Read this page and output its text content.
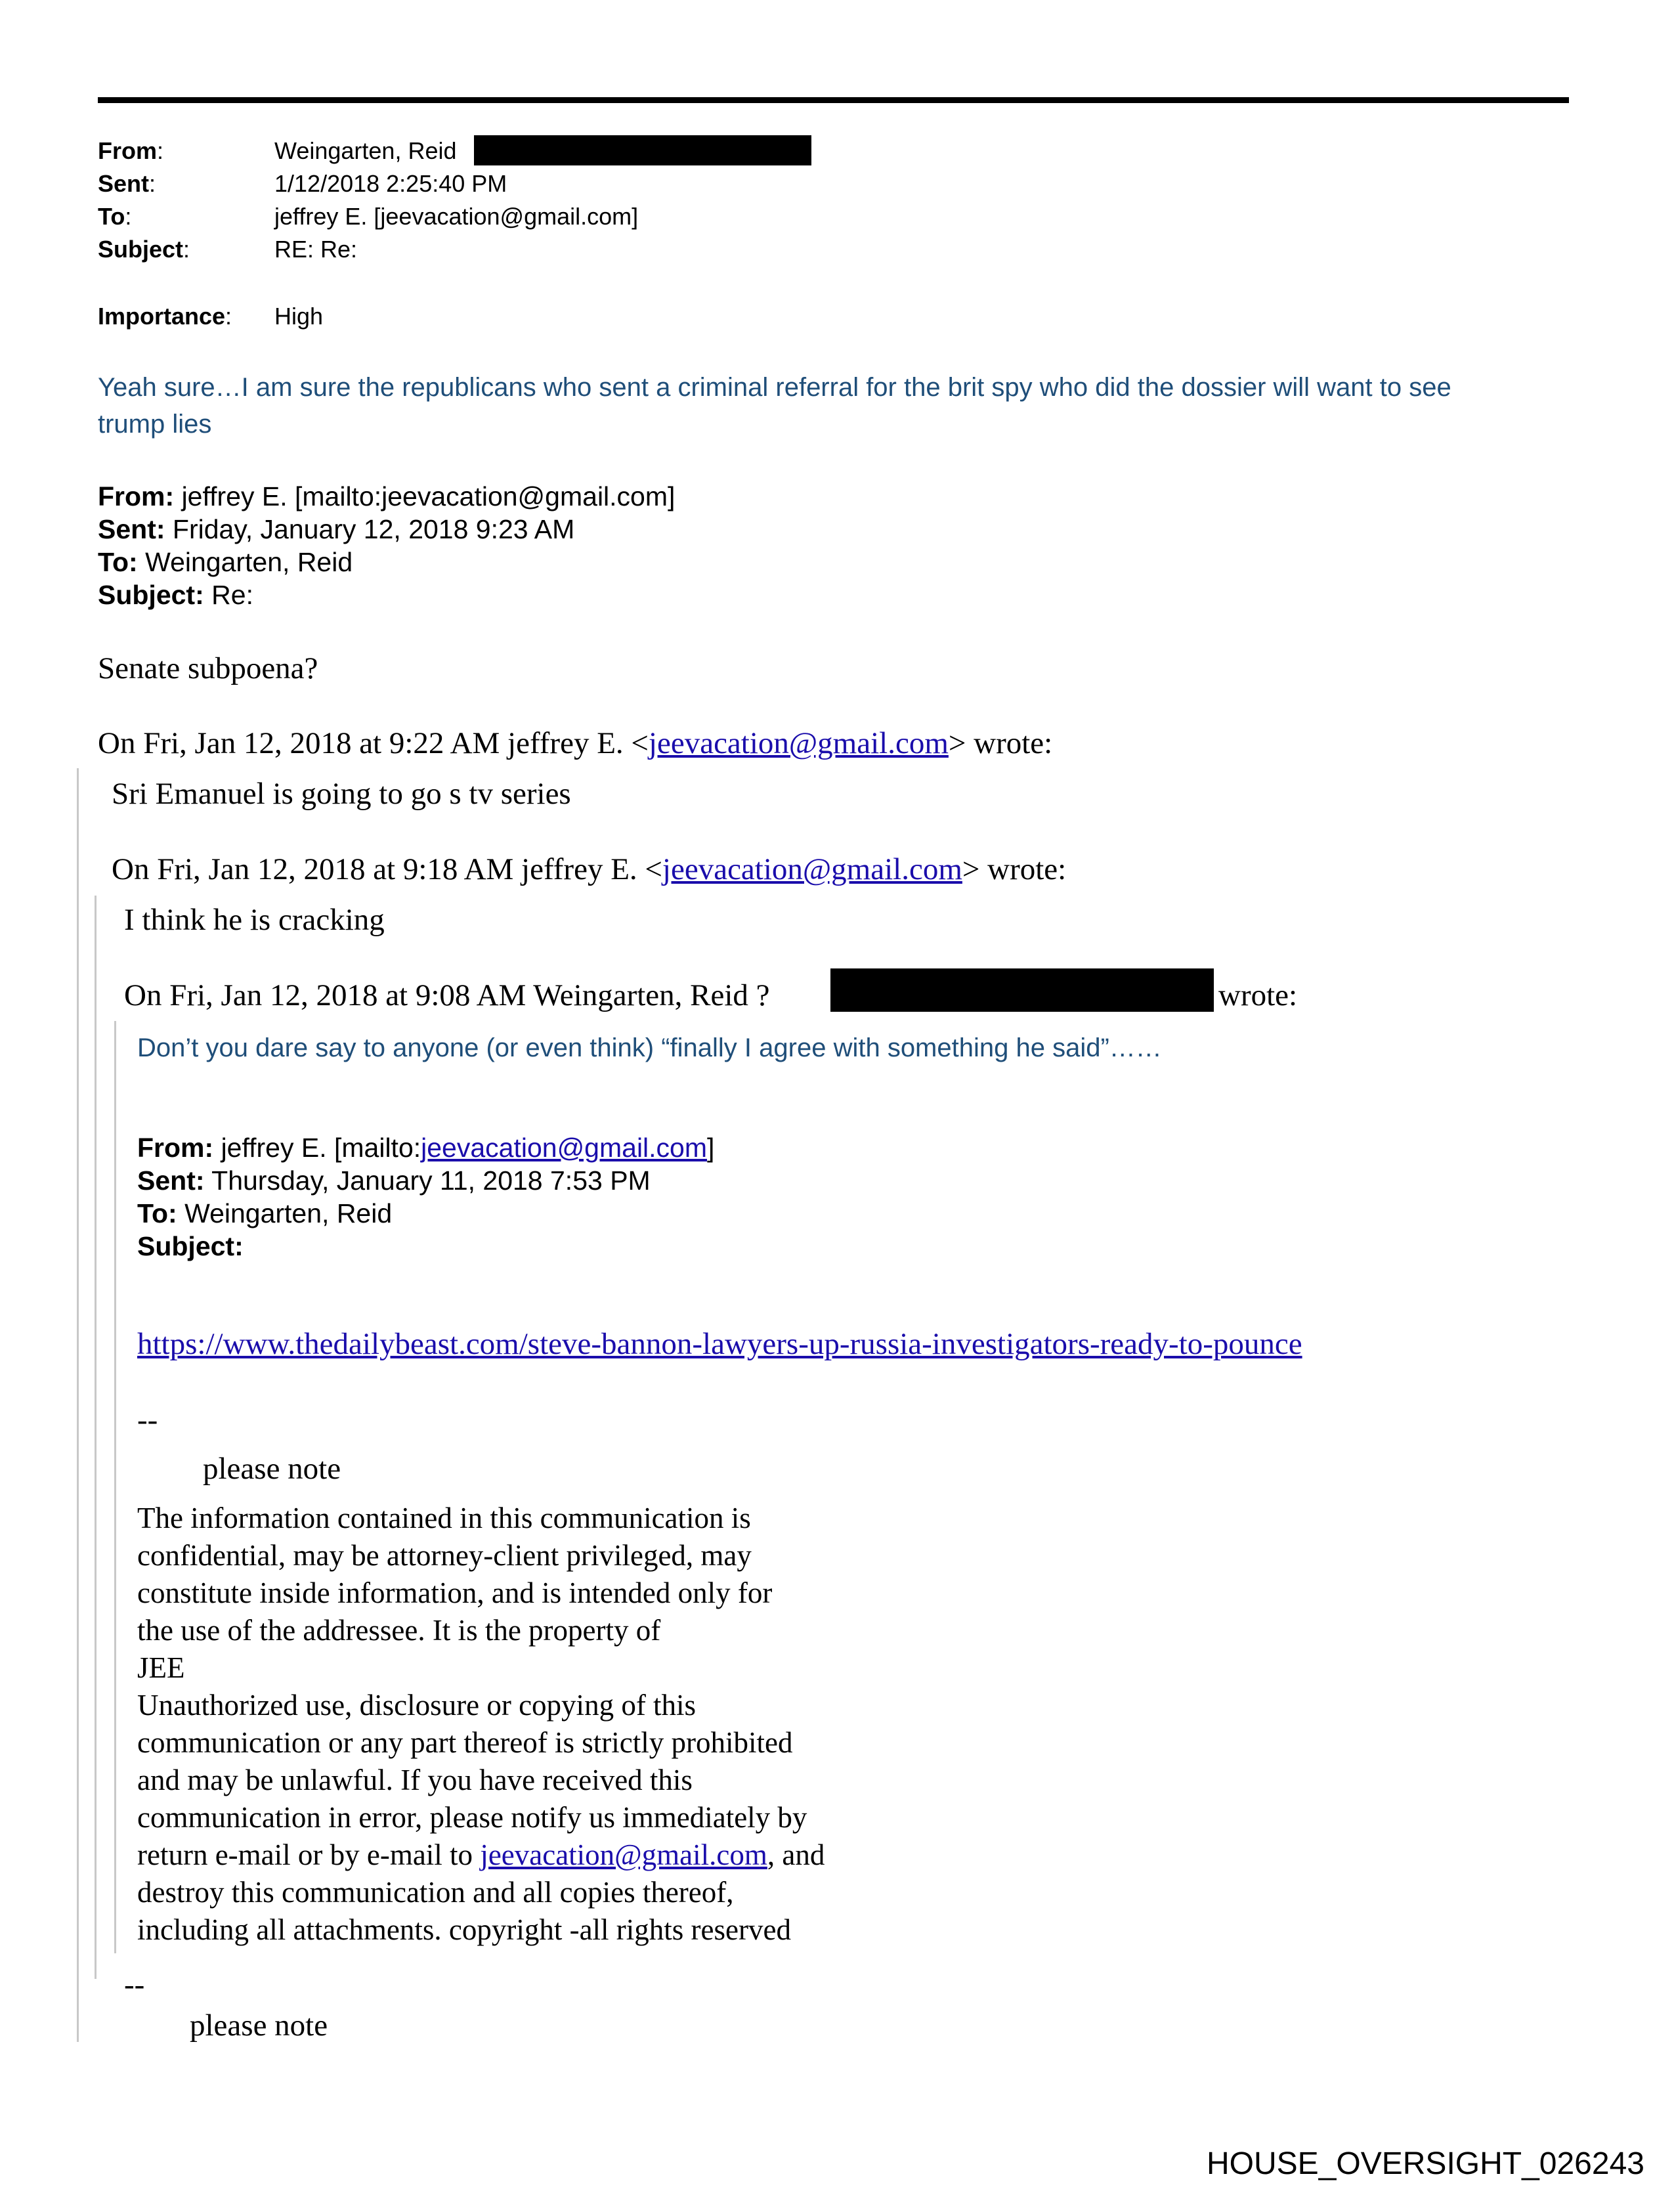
From:	Weingarten, Reid
Sent:	1/12/2018 2:25:40 PM
To:	jeffrey E. [jeevacation@gmail.com]
Subject:	RE: Re:
Importance: High
Yeah sure…I am sure the republicans who sent a criminal referral for the brit spy who did the dossier will want to see
trump lies
From: jeffrey E. [mailto:jeevacation@gmail.com]
Sent: Friday, January 12, 2018 9:23 AM
To: Weingarten, Reid
Subject: Re:
Senate subpoena?
On Fri, Jan 12, 2018 at 9:22 AM jeffrey E. <jeevacation@gmail.com> wrote:
Sri Emanuel is going to go s tv series
On Fri, Jan 12, 2018 at 9:18 AM jeffrey E. <jeevacation@gmail.com> wrote:
I think he is cracking
On Fri, Jan 12, 2018 at 9:08 AM Weingarten, Reid ?	wrote:
Don’t you dare say to anyone (or even think) “finally I agree with something he said”……
From: jeffrey E. [mailto:jeevacation@gmail.com]
Sent: Thursday, January 11, 2018 7:53 PM
To: Weingarten, Reid
Subject:
https://www.thedailybeast.com/steve-bannon-lawyers-up-russia-investigators-ready-to-pounce
--
please note
The information contained in this communication is
confidential, may be attorney-client privileged, may
constitute inside information, and is intended only for
the use of the addressee. It is the property of
JEE
Unauthorized use, disclosure or copying of this
communication or any part thereof is strictly prohibited
and may be unlawful. If you have received this
communication in error, please notify us immediately by
return e-mail or by e-mail to jeevacation@gmail.com, and
destroy this communication and all copies thereof,
including all attachments. copyright -all rights reserved
--
please note
HOUSE_OVERSIGHT_026243
